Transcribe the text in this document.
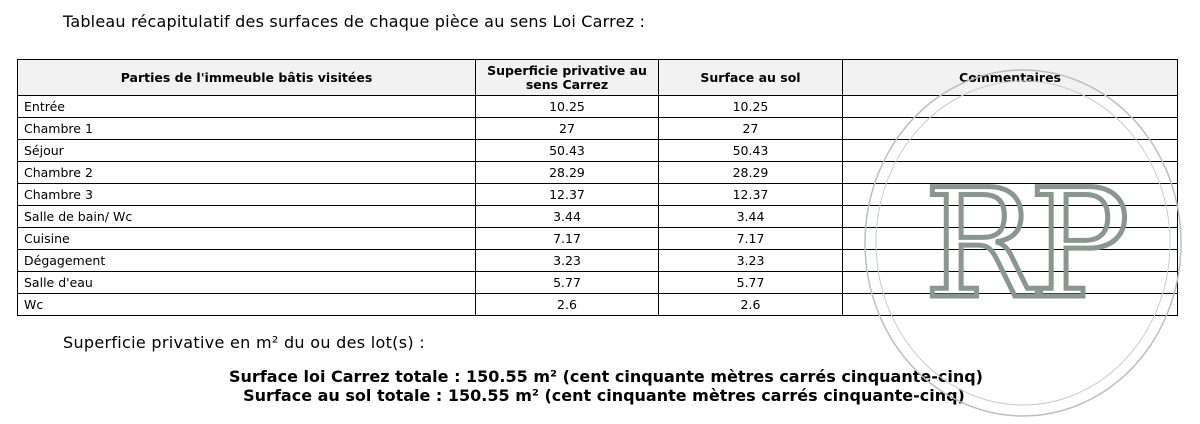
Tableau récapitulatif des surfaces de chaque pièce au sens Loi Carrez :
Parties de l'immeuble bâtis visitées	Superficie privative au sens Carrez	Surface au sol	Commentaires
Entrée	10.25	10.25	
Chambre 1	27	27	
Séjour	50.43	50.43	
Chambre 2	28.29	28.29	
Chambre 3	12.37	12.37	
Salle de bain/ Wc	3.44	3.44	
Cuisine	7.17	7.17	
Dégagement	3.23	3.23	
Salle d'eau	5.77	5.77	
Wc	2.6	2.6	
Superficie privative en m² du ou des lot(s) :
Surface loi Carrez totale : 150.55 m² (cent cinquante mètres carrés cinquante-cinq)
Surface au sol totale : 150.55 m² (cent cinquante mètres carrés cinquante-cinq)
RP
